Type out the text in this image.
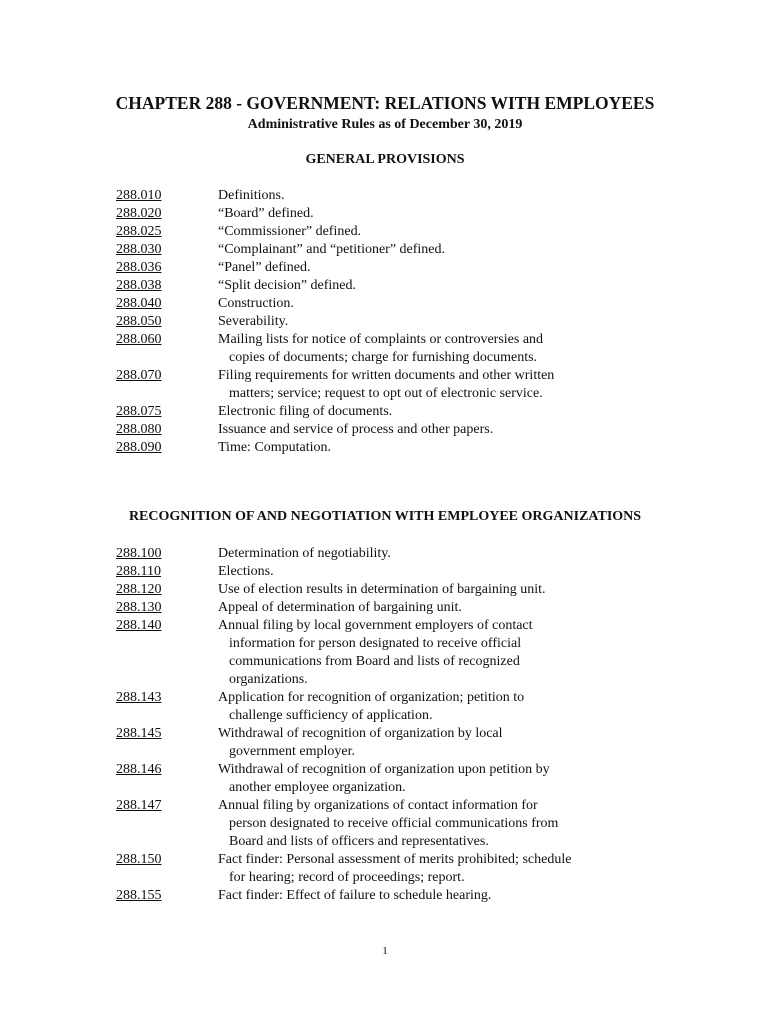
CHAPTER 288 - GOVERNMENT: RELATIONS WITH EMPLOYEES
Administrative Rules as of December 30, 2019
GENERAL PROVISIONS
288.010	Definitions.
288.020	“Board” defined.
288.025	“Commissioner” defined.
288.030	“Complainant” and “petitioner” defined.
288.036	“Panel” defined.
288.038	“Split decision” defined.
288.040	Construction.
288.050	Severability.
288.060	Mailing lists for notice of complaints or controversies and
copies of documents; charge for furnishing documents.
288.070	Filing requirements for written documents and other written
matters; service; request to opt out of electronic service.
288.075	Electronic filing of documents.
288.080	Issuance and service of process and other papers.
288.090	Time: Computation.
RECOGNITION OF AND NEGOTIATION WITH EMPLOYEE ORGANIZATIONS
288.100	Determination of negotiability.
288.110	Elections.
288.120	Use of election results in determination of bargaining unit.
288.130	Appeal of determination of bargaining unit.
288.140	Annual filing by local government employers of contact
information for person designated to receive official
communications from Board and lists of recognized
organizations.
288.143	Application for recognition of organization; petition to
challenge sufficiency of application.
288.145	Withdrawal of recognition of organization by local
government employer.
288.146	Withdrawal of recognition of organization upon petition by
another employee organization.
288.147	Annual filing by organizations of contact information for
person designated to receive official communications from
Board and lists of officers and representatives.
288.150	Fact finder: Personal assessment of merits prohibited; schedule
for hearing; record of proceedings; report.
288.155	Fact finder: Effect of failure to schedule hearing.
1
